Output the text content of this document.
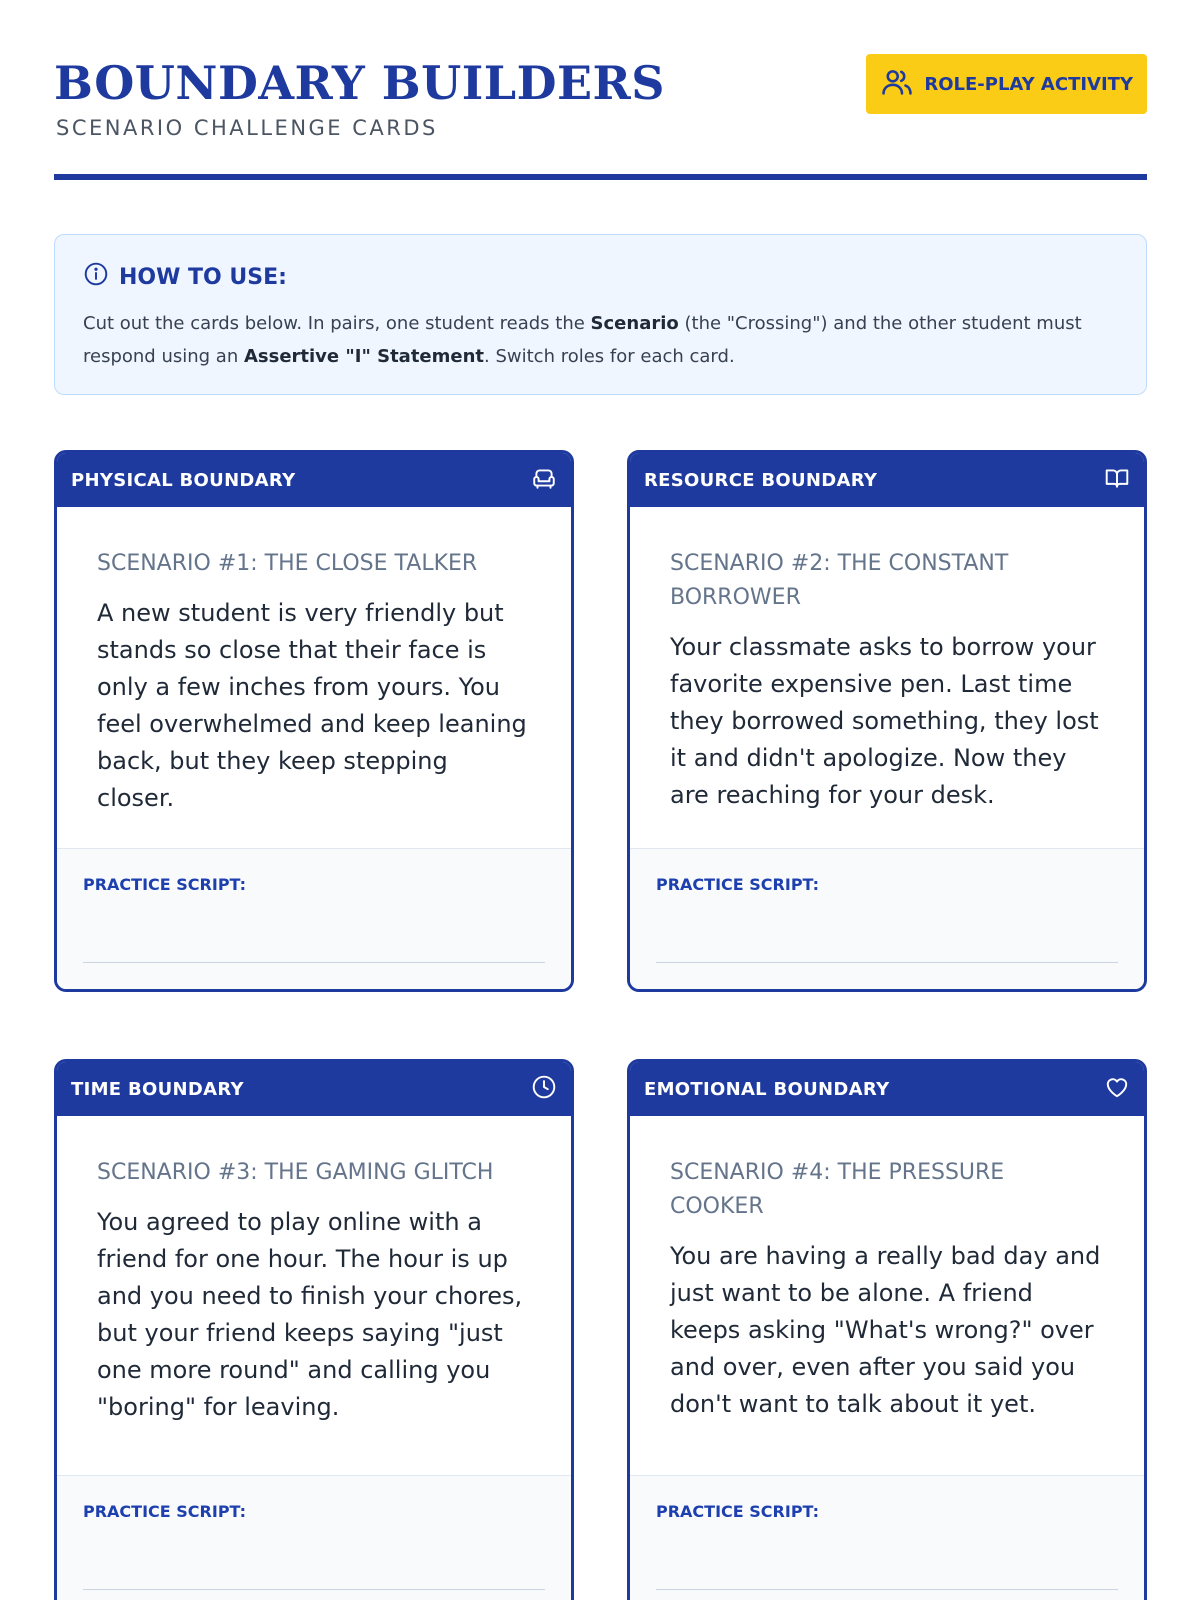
BOUNDARY BUILDERS
SCENARIO CHALLENGE CARDS
ROLE-PLAY ACTIVITY
HOW TO USE:
Cut out the cards below. In pairs, one student reads the Scenario (the "Crossing") and the other student must respond using an Assertive "I" Statement. Switch roles for each card.
PHYSICAL BOUNDARY
SCENARIO #1: THE CLOSE TALKER
A new student is very friendly but stands so close that their face is only a few inches from yours. You feel overwhelmed and keep leaning back, but they keep stepping closer.
PRACTICE SCRIPT:
RESOURCE BOUNDARY
SCENARIO #2: THE CONSTANT BORROWER
Your classmate asks to borrow your favorite expensive pen. Last time they borrowed something, they lost it and didn't apologize. Now they are reaching for your desk.
PRACTICE SCRIPT:
TIME BOUNDARY
SCENARIO #3: THE GAMING GLITCH
You agreed to play online with a friend for one hour. The hour is up and you need to finish your chores, but your friend keeps saying "just one more round" and calling you "boring" for leaving.
PRACTICE SCRIPT:
EMOTIONAL BOUNDARY
SCENARIO #4: THE PRESSURE COOKER
You are having a really bad day and just want to be alone. A friend keeps asking "What's wrong?" over and over, even after you said you don't want to talk about it yet.
PRACTICE SCRIPT:
